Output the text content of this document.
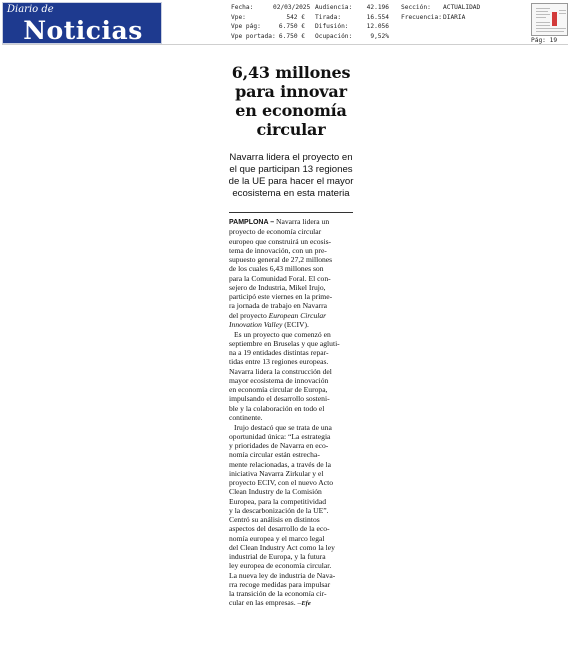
Diario de
Noticias
Fecha:	02/03/2025
Vpe:	542 €
Vpe pág:	6.750 €
Vpe portada: 6.750 €
Audiencia:	42.196
Tirada:	16.554
Difusión:	12.056
Ocupación:	9,52%
Sección:	ACTUALIDAD
Frecuencia: DIARIA
Pág: 19
6,43 millones
para innovar
en economía
circular
Navarra lidera el proyecto en
el que participan 13 regiones
de la UE para hacer el mayor
ecosistema en esta materia
PAMPLONA – Navarra lidera un
proyecto de economía circular
europeo que construirá un ecosis-
tema de innovación, con un pre-
supuesto general de 27,2 millones
de los cuales 6,43 millones son
para la Comunidad Foral. El con-
sejero de Industria, Mikel Irujo,
participó este viernes en la prime-
ra jornada de trabajo en Navarra
del proyecto European Circular
Innovation Valley (ECIV).
Es un proyecto que comenzó en
septiembre en Bruselas y que agluti-
na a 19 entidades distintas repar-
tidas entre 13 regiones europeas.
Navarra lidera la construcción del
mayor ecosistema de innovación
en economía circular de Europa,
impulsando el desarrollo sosteni-
ble y la colaboración en todo el
continente.
Irujo destacó que se trata de una
oportunidad única: “La estrategia
y prioridades de Navarra en eco-
nomía circular están estrecha-
mente relacionadas, a través de la
iniciativa Navarra Zirkular y el
proyecto ECIV, con el nuevo Acto
Clean Industry de la Comisión
Europea, para la competitividad
y la descarbonización de la UE”.
Centró su análisis en distintos
aspectos del desarrollo de la eco-
nomía europea y el marco legal
del Clean Industry Act como la ley
industrial de Europa, y la futura
ley europea de economía circular.
La nueva ley de industria de Nava-
rra recoge medidas para impulsar
la transición de la economía cir-
cular en las empresas. –Efe
